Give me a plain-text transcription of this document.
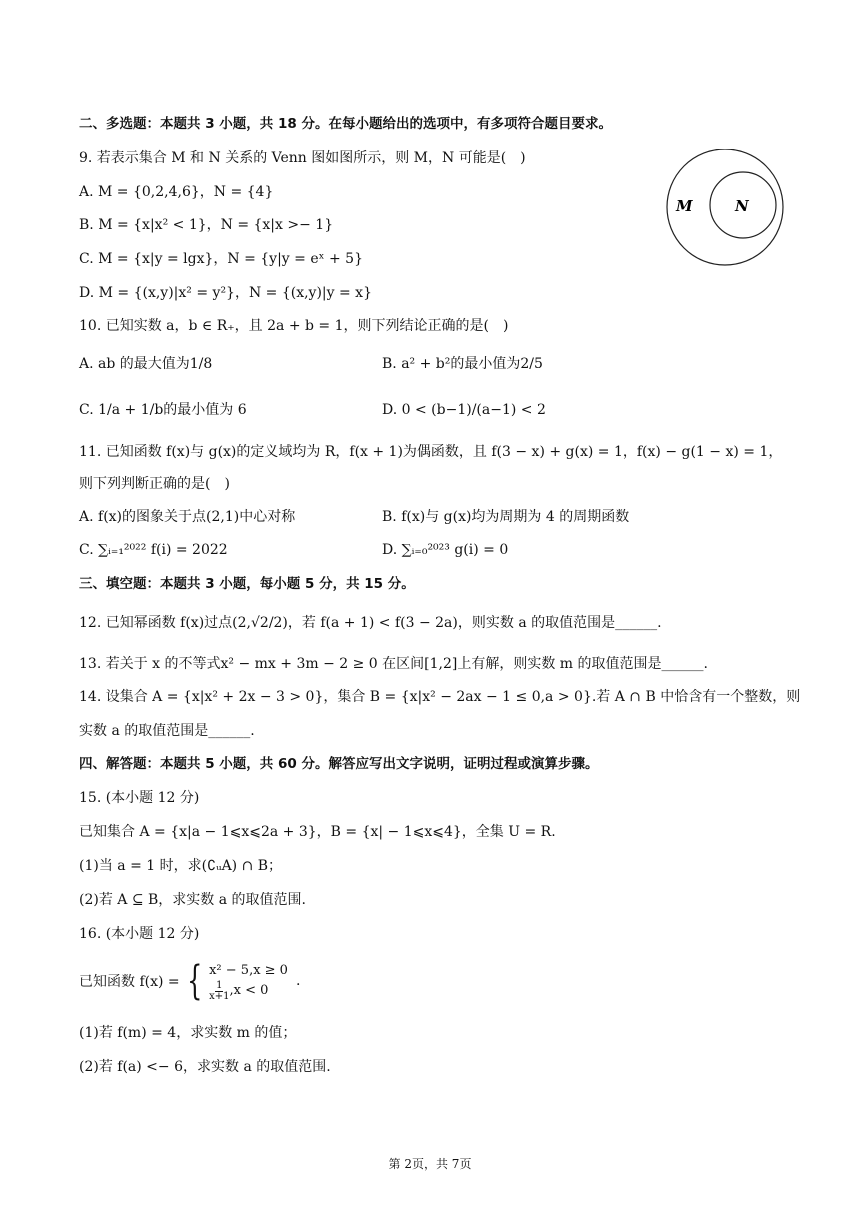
二、多选题：本题共 3 小题，共 18 分。在每小题给出的选项中，有多项符合题目要求。
9. 若表示集合 M 和 N 关系的 Venn 图如图所示，则 M，N 可能是(　)
A. M = {0,2,4,6}，N = {4}
B. M = {x|x² < 1}，N = {x|x >− 1}
C. M = {x|y = lgx}，N = {y|y = eˣ + 5}
D. M = {(x,y)|x² = y²}，N = {(x,y)|y = x}
M	N
10. 已知实数 a，b ∈ R₊，且 2a + b = 1，则下列结论正确的是(　)
A. ab 的最大值为1/8	B. a² + b²的最小值为2/5
C. 1/a + 1/b的最小值为 6	D. 0 < (b−1)/(a−1) < 2
11. 已知函数 f(x)与 g(x)的定义域均为 R，f(x + 1)为偶函数，且 f(3 − x) + g(x) = 1，f(x) − g(1 − x) = 1，
则下列判断正确的是(　)
A. f(x)的图象关于点(2,1)中心对称	B. f(x)与 g(x)均为周期为 4 的周期函数
C. ∑ᵢ₌₁²⁰²² f(i) = 2022	D. ∑ᵢ₌₀²⁰²³ g(i) = 0
三、填空题：本题共 3 小题，每小题 5 分，共 15 分。
12. 已知幂函数 f(x)过点(2,√2/2)，若 f(a + 1) < f(3 − 2a)，则实数 a 的取值范围是______.
13. 若关于 x 的不等式x² − mx + 3m − 2 ≥ 0 在区间[1,2]上有解，则实数 m 的取值范围是______.
14. 设集合 A = {x|x² + 2x − 3 > 0}，集合 B = {x|x² − 2ax − 1 ≤ 0,a > 0}.若 A ∩ B 中恰含有一个整数，则
实数 a 的取值范围是______.
四、解答题：本题共 5 小题，共 60 分。解答应写出文字说明，证明过程或演算步骤。
15. (本小题 12 分)
已知集合 A = {x|a − 1⩽x⩽2a + 3}，B = {x| − 1⩽x⩽4}，全集 U = R.
(1)当 a = 1 时，求(∁ᵤA) ∩ B；
(2)若 A ⊆ B，求实数 a 的取值范围.
16. (本小题 12 分)
已知函数 f(x) = { x² − 5,x ≥ 0
$\frac{1}{x+1} ,x < 0$
.
(1)若 f(m) = 4，求实数 m 的值；
(2)若 f(a) <− 6，求实数 a 的取值范围.
第 2页，共 7页
